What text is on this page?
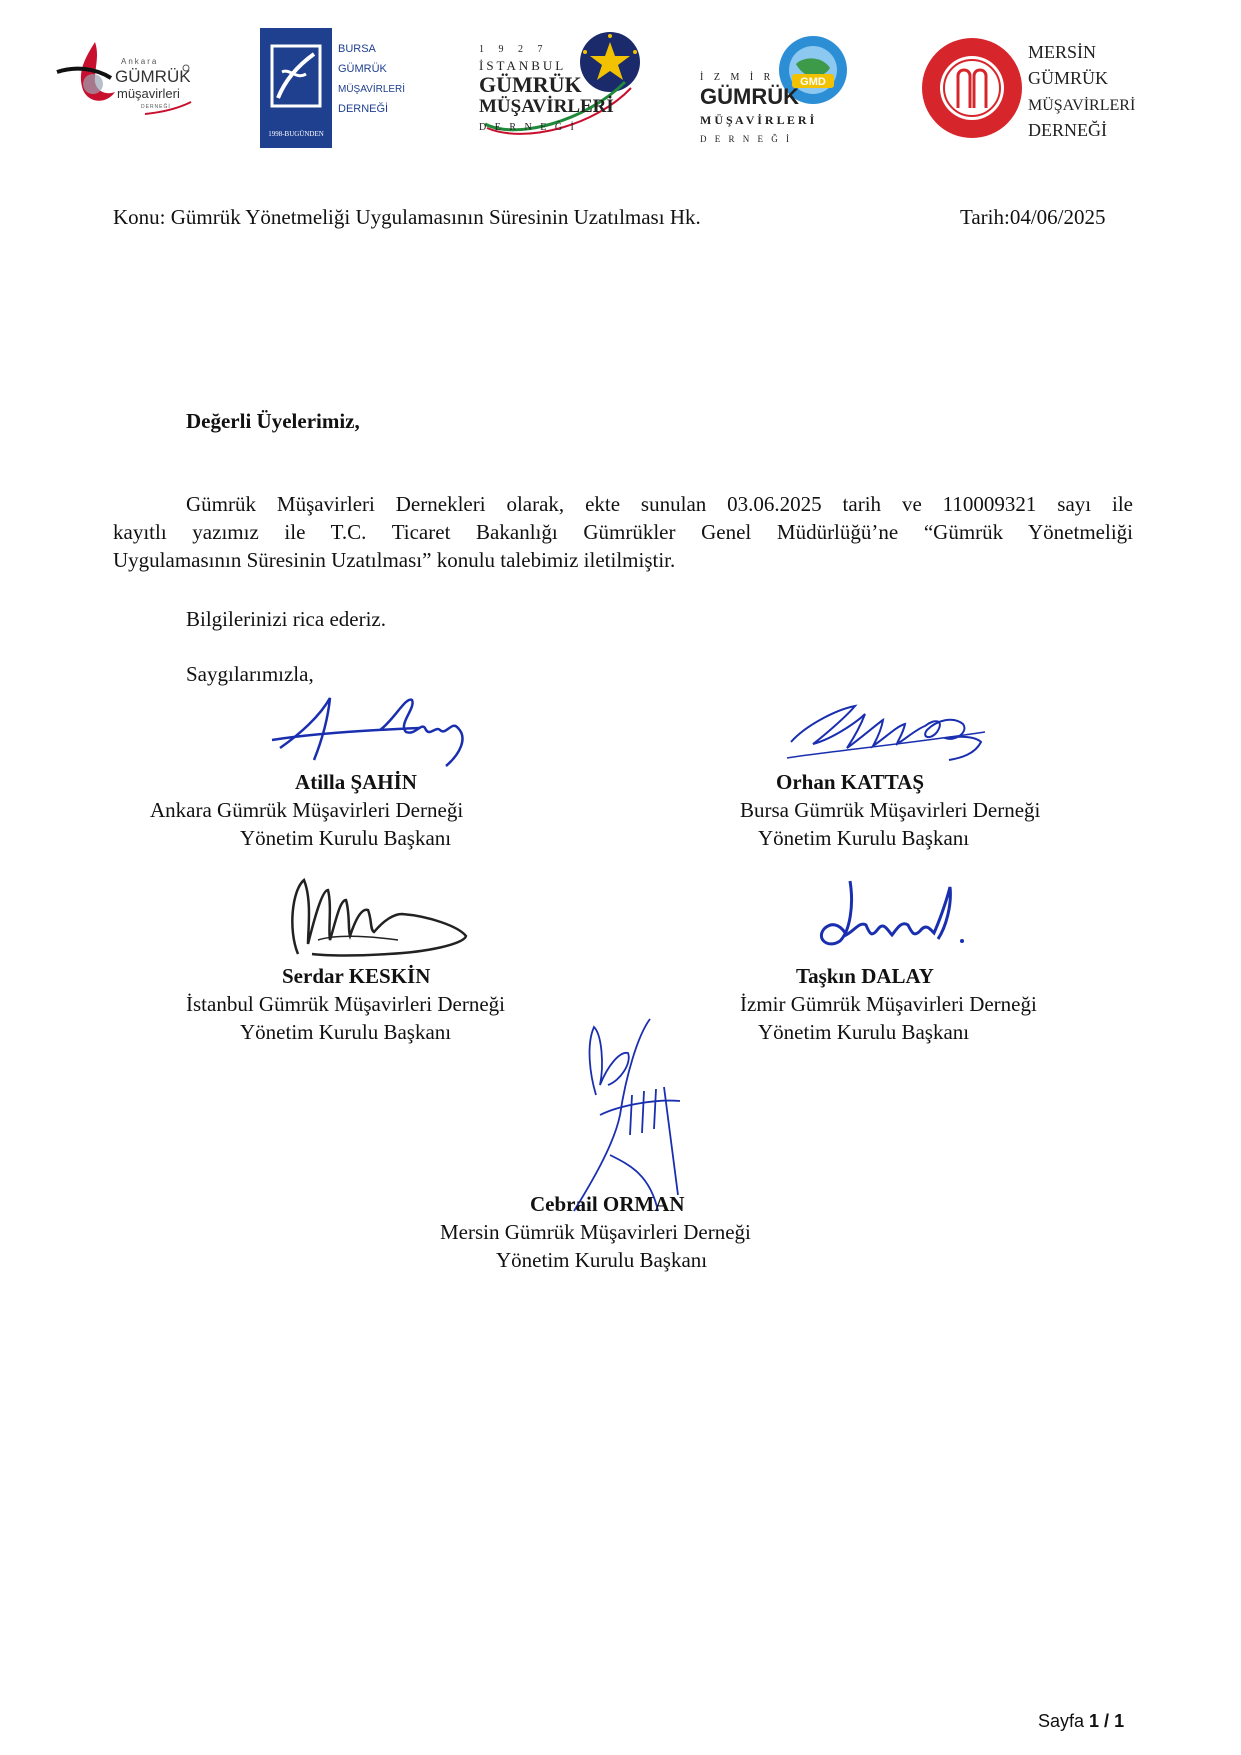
Ankara
GÜMRÜK
müşavirleri
DERNEĞİ
1998-BUGÜNDEN
BURSA
GÜMRÜK
MÜŞAVİRLERİ
DERNEĞİ
1 9 2 7
İSTANBUL
GÜMRÜK
MÜŞAVİRLERİ
D E R N E Ğ İ
GMD
İ Z M İ R
GÜMRÜK
M Ü Ş A V İ R L E R İ
D E R N E Ğ İ
MERSİN
GÜMRÜK
MÜŞAVİRLERİ
DERNEĞİ
Konu: Gümrük Yönetmeliği Uygulamasının Süresinin Uzatılması Hk.	Tarih:04/06/2025
Değerli Üyelerimiz,
Gümrük Müşavirleri Dernekleri olarak, ekte sunulan 03.06.2025 tarih ve 110009321 sayı ile
kayıtlı yazımız ile T.C. Ticaret Bakanlığı Gümrükler Genel Müdürlüğü’ne “Gümrük Yönetmeliği
Uygulamasının Süresinin Uzatılması” konulu talebimiz iletilmiştir.
Bilgilerinizi rica ederiz.
Saygılarımızla,
Atilla ŞAHİN
Ankara Gümrük Müşavirleri Derneği
Yönetim Kurulu Başkanı
Orhan KATTAŞ
Bursa Gümrük Müşavirleri Derneği
Yönetim Kurulu Başkanı
Serdar KESKİN
İstanbul Gümrük Müşavirleri Derneği
Yönetim Kurulu Başkanı
Taşkın DALAY
İzmir Gümrük Müşavirleri Derneği
Yönetim Kurulu Başkanı
Cebrail ORMAN
Mersin Gümrük Müşavirleri Derneği
Yönetim Kurulu Başkanı
Sayfa 1 / 1
